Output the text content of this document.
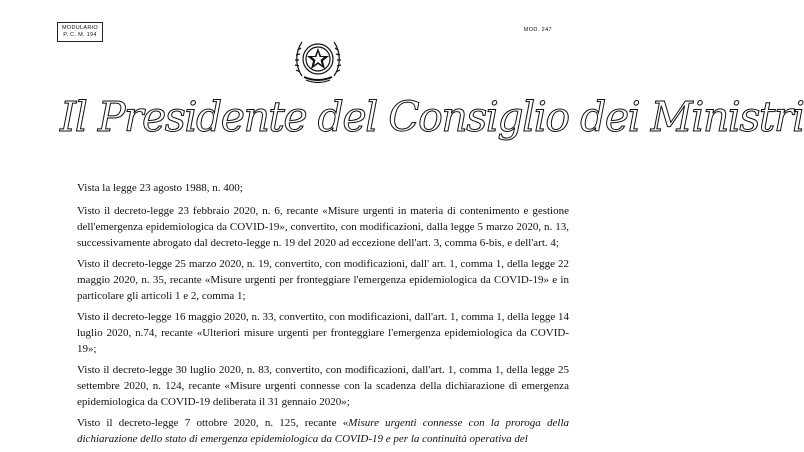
MODULARIO
P. C. M. 194
MOD. 247
Il Presidente del Consiglio dei Ministri

Vista la legge 23 agosto 1988, n. 400;

Visto il decreto-legge 23 febbraio 2020, n. 6, recante «Misure urgenti in materia di contenimento e gestione dell'emergenza epidemiologica da COVID-19», convertito, con modificazioni, dalla legge 5 marzo 2020, n. 13, successivamente abrogato dal decreto-legge n. 19 del 2020 ad eccezione dell'art. 3, comma 6-bis, e dell'art. 4;

Visto il decreto-legge 25 marzo 2020, n. 19, convertito, con modificazioni, dall' art. 1, comma 1, della legge 22 maggio 2020, n. 35, recante «Misure urgenti per fronteggiare l'emergenza epidemiologica da COVID-19» e in particolare gli articoli 1 e 2, comma 1;

Visto il decreto-legge 16 maggio 2020, n. 33, convertito, con modificazioni, dall'art. 1, comma 1, della legge 14 luglio 2020, n.74, recante «Ulteriori misure urgenti per fronteggiare l'emergenza epidemiologica da COVID-19»;

Visto il decreto-legge 30 luglio 2020, n. 83, convertito, con modificazioni, dall'art. 1, comma 1, della legge 25 settembre 2020, n. 124, recante «Misure urgenti connesse con la scadenza della dichiarazione di emergenza epidemiologica da COVID-19 deliberata il 31 gennaio 2020»;

Visto il decreto-legge 7 ottobre 2020, n. 125, recante «Misure urgenti connesse con la proroga della dichiarazione dello stato di emergenza epidemiologica da COVID-19 e per la continuità operativa del
